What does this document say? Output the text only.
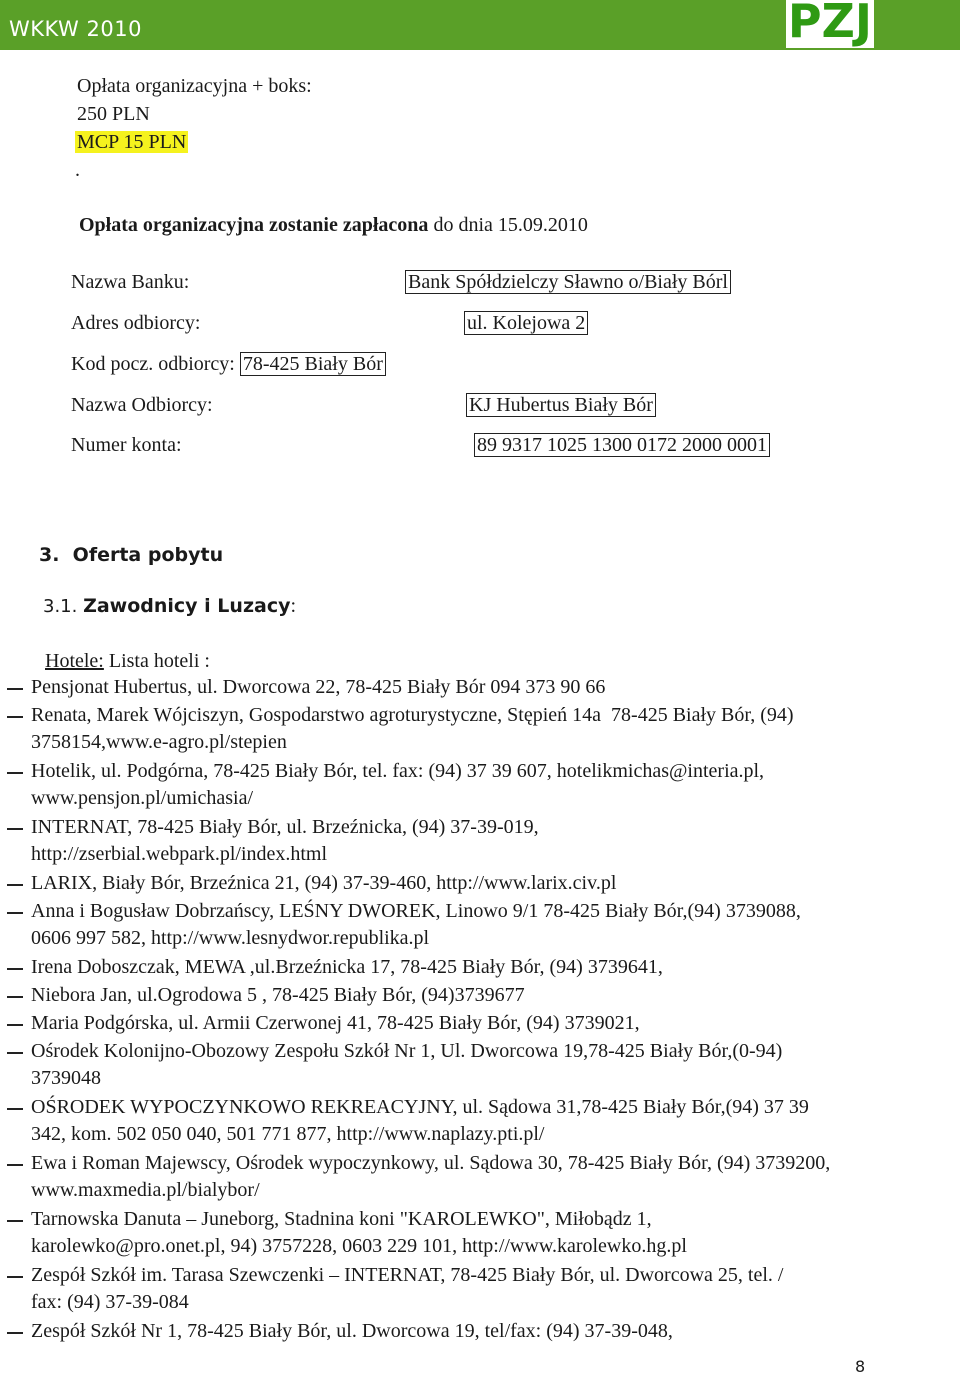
WKKW 2010	PZJ
Opłata organizacyjna + boks:
250 PLN
MCP 15 PLN
.
Opłata organizacyjna zostanie zapłacona do dnia 15.09.2010
Nazwa Banku:	Bank Spółdzielczy Sławno o/Biały Bórl
Adres odbiorcy:	ul. Kolejowa 2
Kod pocz. odbiorcy: 78-425 Biały Bór
Nazwa Odbiorcy:	KJ Hubertus Biały Bór
Numer konta:	89 9317 1025 1300 0172 2000 0001
3.  Oferta pobytu
3.1. Zawodnicy i Luzacy:
Hotele: Lista hoteli :
Pensjonat Hubertus, ul. Dworcowa 22, 78-425 Biały Bór 094 373 90 66
Renata, Marek Wójciszyn, Gospodarstwo agroturystyczne, Stępień 14a  78-425 Biały Bór, (94)
3758154,www.e-agro.pl/stepien
Hotelik, ul. Podgórna, 78-425 Biały Bór, tel. fax: (94) 37 39 607, hotelikmichas@interia.pl,
www.pensjon.pl/umichasia/
INTERNAT, 78-425 Biały Bór, ul. Brzeźnicka, (94) 37-39-019,
http://zserbial.webpark.pl/index.html
LARIX, Biały Bór, Brzeźnica 21, (94) 37-39-460, http://www.larix.civ.pl
Anna i Bogusław Dobrzańscy, LEŚNY DWOREK, Linowo 9/1 78-425 Biały Bór,(94) 3739088,
0606 997 582, http://www.lesnydwor.republika.pl
Irena Doboszczak, MEWA ,ul.Brzeźnicka 17, 78-425 Biały Bór, (94) 3739641,
Niebora Jan, ul.Ogrodowa 5 , 78-425 Biały Bór, (94)3739677
Maria Podgórska, ul. Armii Czerwonej 41, 78-425 Biały Bór, (94) 3739021,
Ośrodek Kolonijno-Obozowy Zespołu Szkół Nr 1, Ul. Dworcowa 19,78-425 Biały Bór,(0-94)
3739048
OŚRODEK WYPOCZYNKOWO REKREACYJNY, ul. Sądowa 31,78-425 Biały Bór,(94) 37 39
342, kom. 502 050 040, 501 771 877, http://www.naplazy.pti.pl/
Ewa i Roman Majewscy, Ośrodek wypoczynkowy, ul. Sądowa 30, 78-425 Biały Bór, (94) 3739200,
www.maxmedia.pl/bialybor/
Tarnowska Danuta – Juneborg, Stadnina koni "KAROLEWKO", Miłobądz 1,
karolewko@pro.onet.pl, 94) 3757228, 0603 229 101, http://www.karolewko.hg.pl
Zespół Szkół im. Tarasa Szewczenki – INTERNAT, 78-425 Biały Bór, ul. Dworcowa 25, tel. /
fax: (94) 37-39-084
Zespół Szkół Nr 1, 78-425 Biały Bór, ul. Dworcowa 19, tel/fax: (94) 37-39-048,
8
